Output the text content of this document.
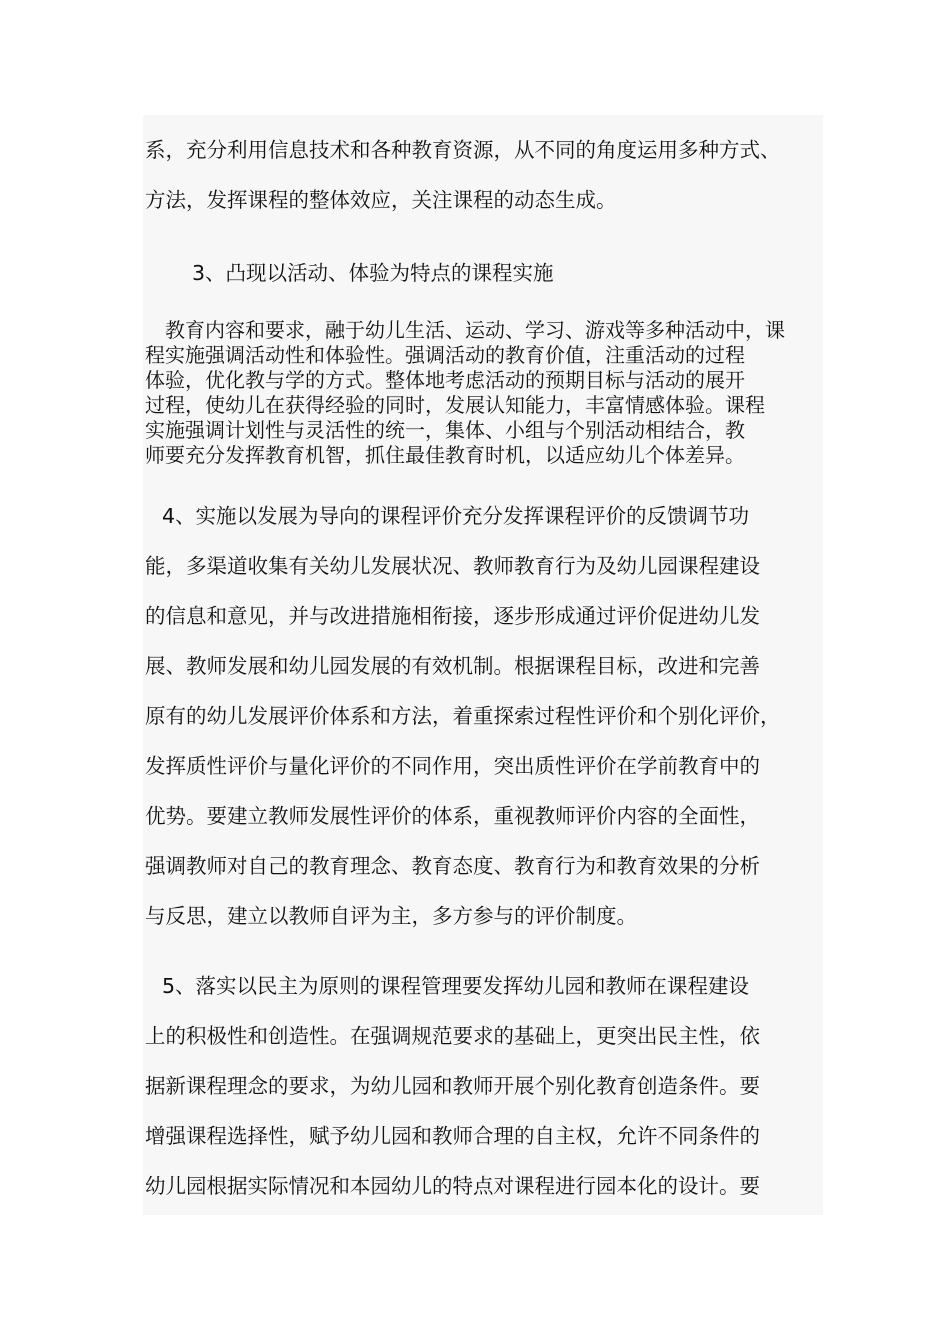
系，充分利用信息技术和各种教育资源，从不同的角度运用多种方式、
方法，发挥课程的整体效应，关注课程的动态生成。
3、凸现以活动、体验为特点的课程实施
教育内容和要求，融于幼儿生活、运动、学习、游戏等多种活动中，课
程实施强调活动性和体验性。强调活动的教育价值，注重活动的过程
体验，优化教与学的方式。整体地考虑活动的预期目标与活动的展开
过程，使幼儿在获得经验的同时，发展认知能力，丰富情感体验。课程
实施强调计划性与灵活性的统一，集体、小组与个别活动相结合，教
师要充分发挥教育机智，抓住最佳教育时机，以适应幼儿个体差异。
4、实施以发展为导向的课程评价充分发挥课程评价的反馈调节功
能，多渠道收集有关幼儿发展状况、教师教育行为及幼儿园课程建设
的信息和意见，并与改进措施相衔接，逐步形成通过评价促进幼儿发
展、教师发展和幼儿园发展的有效机制。根据课程目标，改进和完善
原有的幼儿发展评价体系和方法，着重探索过程性评价和个别化评价，
发挥质性评价与量化评价的不同作用，突出质性评价在学前教育中的
优势。要建立教师发展性评价的体系，重视教师评价内容的全面性，
强调教师对自己的教育理念、教育态度、教育行为和教育效果的分析
与反思，建立以教师自评为主，多方参与的评价制度。
5、落实以民主为原则的课程管理要发挥幼儿园和教师在课程建设
上的积极性和创造性。在强调规范要求的基础上，更突出民主性，依
据新课程理念的要求，为幼儿园和教师开展个别化教育创造条件。要
增强课程选择性，赋予幼儿园和教师合理的自主权，允许不同条件的
幼儿园根据实际情况和本园幼儿的特点对课程进行园本化的设计。要
